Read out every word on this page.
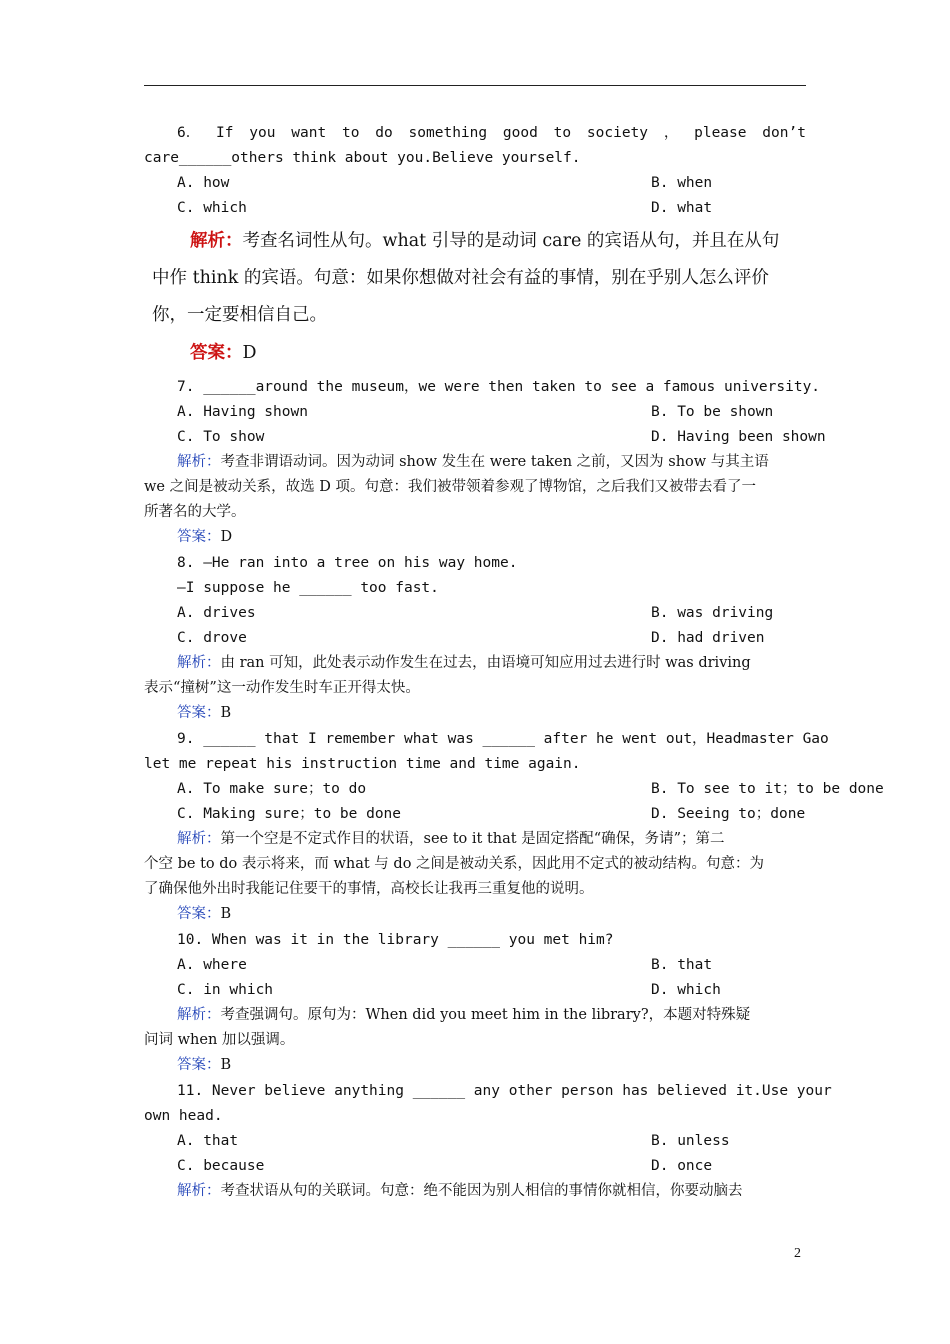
6． If you want to do something good to society ， please don’t
care______others think about you.Believe yourself.
A. how	B. when
C. which	D. what
解析：考查名词性从句。what 引导的是动词 care 的宾语从句，并且在从句
中作 think 的宾语。句意：如果你想做对社会有益的事情，别在乎别人怎么评价
你，一定要相信自己。
答案：D
7. ______around the museum，we were then taken to see a famous university.
A. Having shown	B. To be shown
C. To show	D. Having been shown
解析：考查非谓语动词。因为动词 show 发生在 were taken 之前，又因为 show 与其主语
we 之间是被动关系，故选 D 项。句意：我们被带领着参观了博物馆，之后我们又被带去看了一
所著名的大学。
答案：D
8. —He ran into a tree on his way home.
—I suppose he ______ too fast.
A. drives	B. was driving
C. drove	D. had driven
解析：由 ran 可知，此处表示动作发生在过去，由语境可知应用过去进行时 was driving
表示“撞树”这一动作发生时车正开得太快。
答案：B
9. ______ that I remember what was ______ after he went out，Headmaster Gao
let me repeat his instruction time and time again.
A. To make sure；to do	B. To see to it；to be done
C. Making sure；to be done	D. Seeing to；done
解析：第一个空是不定式作目的状语，see to it that 是固定搭配“确保，务请”；第二
个空 be to do 表示将来，而 what 与 do 之间是被动关系，因此用不定式的被动结构。句意：为
了确保他外出时我能记住要干的事情，高校长让我再三重复他的说明。
答案：B
10. When was it in the library ______ you met him?
A. where	B. that
C. in which	D. which
解析：考查强调句。原句为：When did you meet him in the library?，本题对特殊疑
问词 when 加以强调。
答案：B
11. Never believe anything ______ any other person has believed it.Use your
own head.
A. that	B. unless
C. because	D. once
解析：考查状语从句的关联词。句意：绝不能因为别人相信的事情你就相信，你要动脑去
2
